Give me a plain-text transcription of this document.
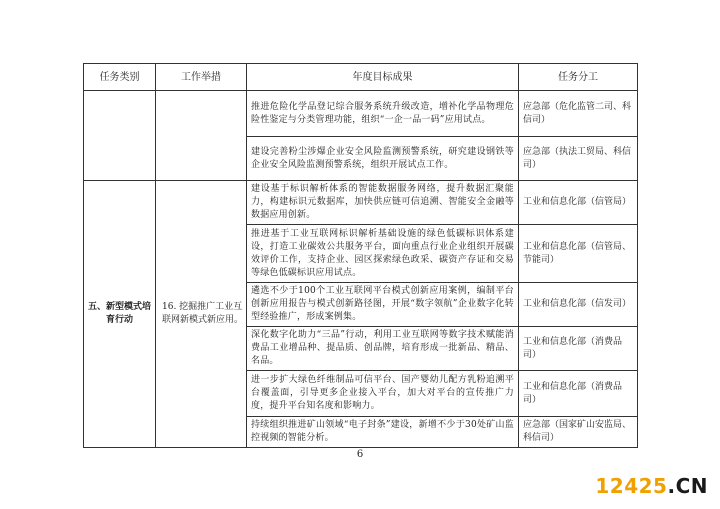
任务类别	工作举措	年度目标成果	任务分工
		推进危险化学品登记综合服务系统升级改造，增补化学品物理危险性鉴定与分类管理功能，组织“一企一品一码”应用试点。	应急部（危化监管二司、科信司）
		建设完善粉尘涉爆企业安全风险监测预警系统，研究建设钢铁等企业安全风险监测预警系统，组织开展试点工作。	应急部（执法工贸局、科信司）
五、新型模式培育行动	16. 挖掘推广工业互联网新模式新应用。	建设基于标识解析体系的智能数据服务网络，提升数据汇聚能力，构建标识元数据库，加快供应链可信追溯、智能安全金融等数据应用创新。	工业和信息化部（信管局）
		推进基于工业互联网标识解析基础设施的绿色低碳标识体系建设，打造工业碳效公共服务平台，面向重点行业企业组织开展碳效评价工作，支持企业、园区探索绿色政采、碳资产存证和交易等绿色低碳标识应用试点。	工业和信息化部（信管局、节能司）
		遴选不少于100个工业互联网平台模式创新应用案例，编制平台创新应用报告与模式创新路径图，开展“数字领航”企业数字化转型经验推广，形成案例集。	工业和信息化部（信发司）
		深化数字化助力“三品”行动，利用工业互联网等数字技术赋能消费品工业增品种、提品质、创品牌，培育形成一批新品、精品、名品。	工业和信息化部（消费品司）
		进一步扩大绿色纤维制品可信平台、国产婴幼儿配方乳粉追溯平台覆盖面，引导更多企业接入平台，加大对平台的宣传推广力度，提升平台知名度和影响力。	工业和信息化部（消费品司）
		持续组织推进矿山领域“电子封条”建设，新增不少于30处矿山监控视频的智能分析。	应急部（国家矿山安监局、科信司）
6
12425.CN
